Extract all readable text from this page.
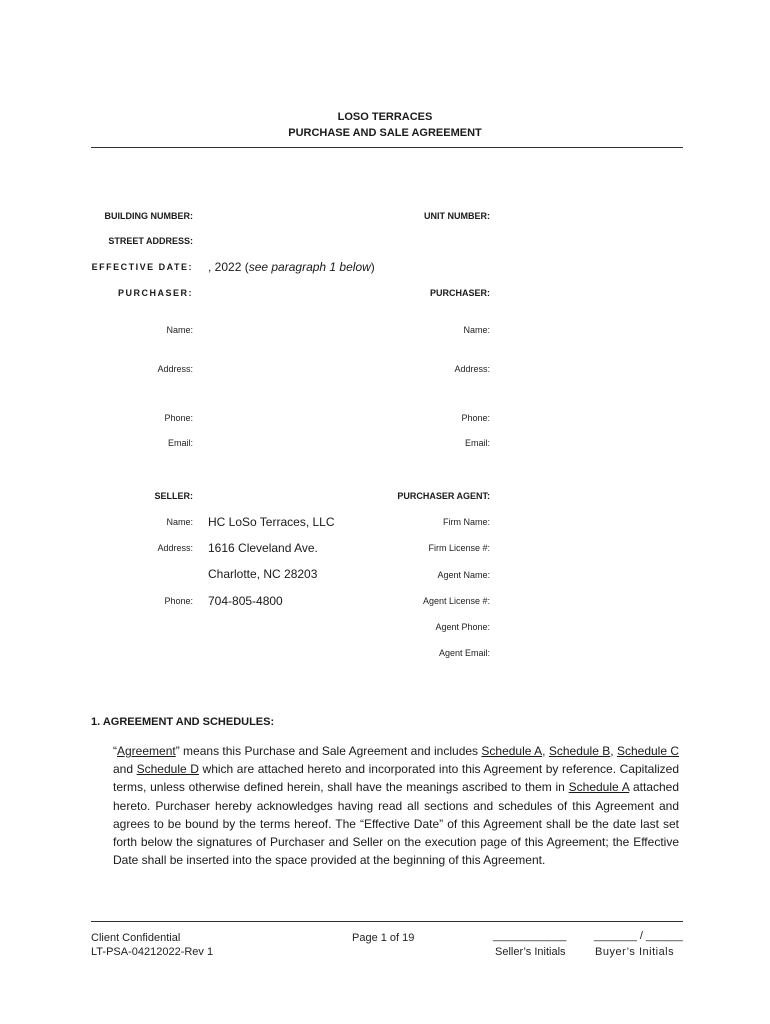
LOSO TERRACES
PURCHASE AND SALE AGREEMENT
BUILDING NUMBER:	UNIT NUMBER:
STREET ADDRESS:
EFFECTIVE DATE: , 2022 (see paragraph 1 below)
PURCHASER:
Name:
Address:
Phone:
Email:
PURCHASER:
Name:
Address:
Phone:
Email:
SELLER:
Name: HC LoSo Terraces, LLC
Address: 1616 Cleveland Ave.
Charlotte, NC 28203
Phone: 704-805-4800
PURCHASER AGENT:
Firm Name:
Firm License #:
Agent Name:
Agent License #:
Agent Phone:
Agent Email:
1. AGREEMENT AND SCHEDULES:
“Agreement” means this Purchase and Sale Agreement and includes Schedule A, Schedule B, Schedule C and Schedule D which are attached hereto and incorporated into this Agreement by reference. Capitalized terms, unless otherwise defined herein, shall have the meanings ascribed to them in Schedule A attached hereto. Purchaser hereby acknowledges having read all sections and schedules of this Agreement and agrees to be bound by the terms hereof. The “Effective Date” of this Agreement shall be the date last set forth below the signatures of Purchaser and Seller on the execution page of this Agreement; the Effective Date shall be inserted into the space provided at the beginning of this Agreement.
Client Confidential
LT-PSA-04212022-Rev 1
Page 1 of 19	____________
Seller’s Initials
_______ / ______
Buyer’s Initials
